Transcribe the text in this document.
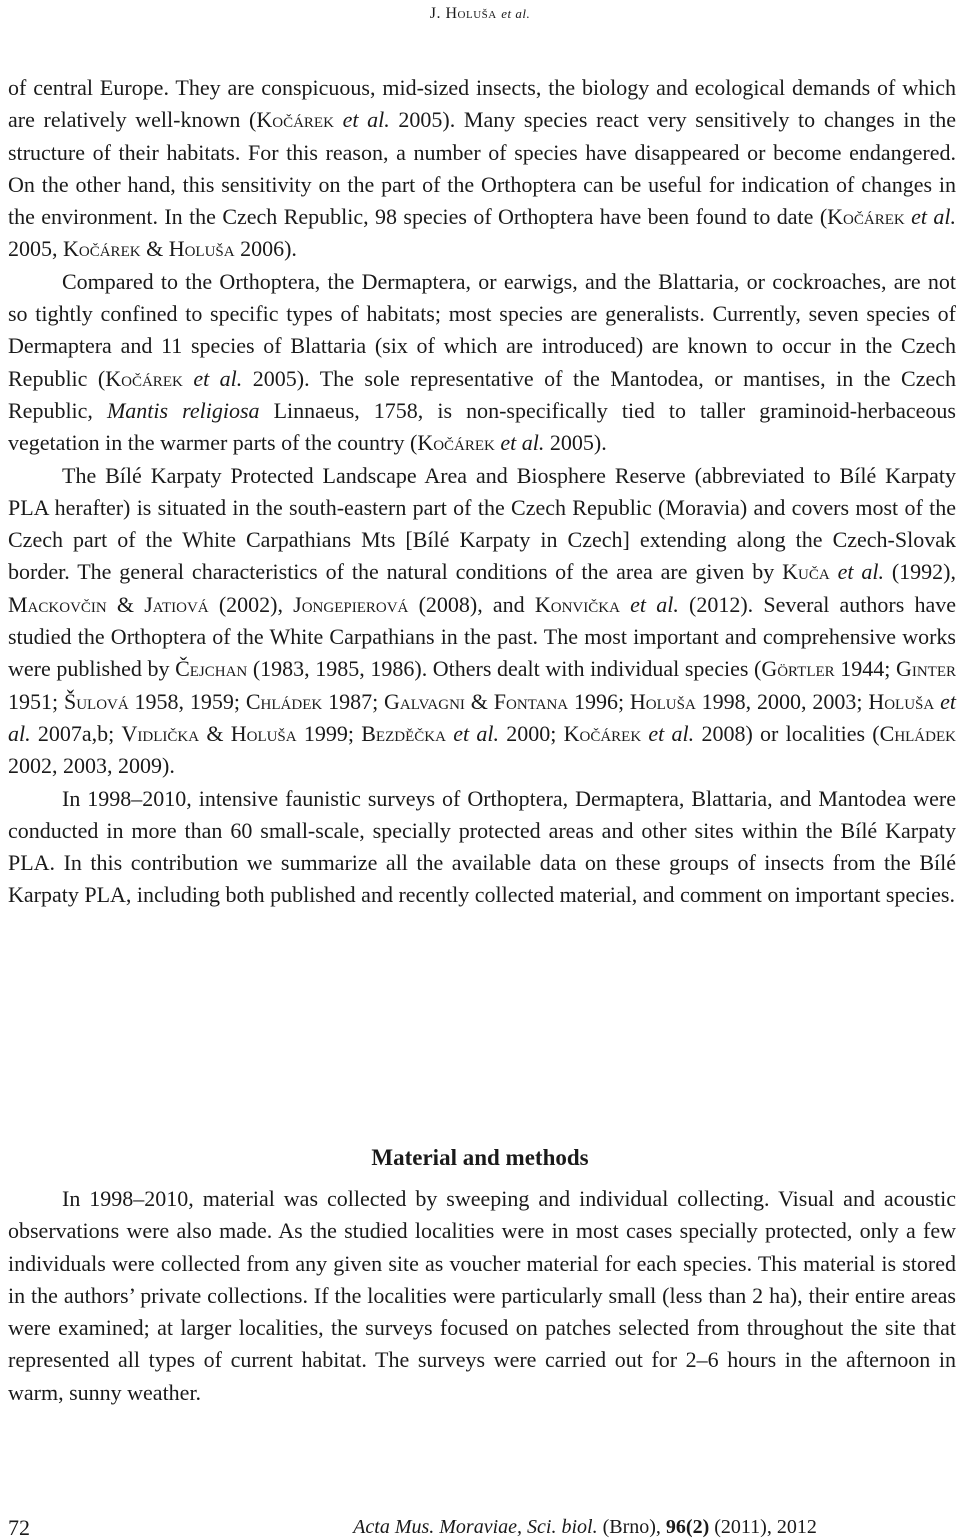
J. Holuša et al.

of central Europe. They are conspicuous, mid-sized insects, the biology and ecological demands of which are relatively well-known (Kočárek et al. 2005). Many species react very sensitively to changes in the structure of their habitats. For this reason, a number of species have disappeared or become endangered. On the other hand, this sensitivity on the part of the Orthoptera can be useful for indication of changes in the environment. In the Czech Republic, 98 species of Orthoptera have been found to date (Kočárek et al. 2005, Kočárek & Holuša 2006).

Compared to the Orthoptera, the Dermaptera, or earwigs, and the Blattaria, or cockroaches, are not so tightly confined to specific types of habitats; most species are generalists. Currently, seven species of Dermaptera and 11 species of Blattaria (six of which are introduced) are known to occur in the Czech Republic (Kočárek et al. 2005). The sole representative of the Mantodea, or mantises, in the Czech Republic, Mantis religiosa Linnaeus, 1758, is non-specifically tied to taller graminoid-herbaceous vegetation in the warmer parts of the country (Kočárek et al. 2005).

The Bílé Karpaty Protected Landscape Area and Biosphere Reserve (abbreviated to Bílé Karpaty PLA herafter) is situated in the south-eastern part of the Czech Republic (Moravia) and covers most of the Czech part of the White Carpathians Mts [Bílé Karpaty in Czech] extending along the Czech-Slovak border. The general characteristics of the natural conditions of the area are given by Kuča et al. (1992), Mackovčin & Jatiová (2002), Jongepierová (2008), and Konvička et al. (2012). Several authors have studied the Orthoptera of the White Carpathians in the past. The most important and comprehensive works were published by Čejchan (1983, 1985, 1986). Others dealt with individual species (Görtler 1944; Ginter 1951; Šulová 1958, 1959; Chládek 1987; Galvagni & Fontana 1996; Holuša 1998, 2000, 2003; Holuša et al. 2007a,b; Vidlička & Holuša 1999; Bezděčka et al. 2000; Kočárek et al. 2008) or localities (Chládek 2002, 2003, 2009).

In 1998–2010, intensive faunistic surveys of Orthoptera, Dermaptera, Blattaria, and Mantodea were conducted in more than 60 small-scale, specially protected areas and other sites within the Bílé Karpaty PLA. In this contribution we summarize all the available data on these groups of insects from the Bílé Karpaty PLA, including both published and recently collected material, and comment on important species.

Material and methods

In 1998–2010, material was collected by sweeping and individual collecting. Visual and acoustic observations were also made. As the studied localities were in most cases specially protected, only a few individuals were collected from any given site as voucher material for each species. This material is stored in the authors’ private collections. If the localities were particularly small (less than 2 ha), their entire areas were examined; at larger localities, the surveys focused on patches selected from throughout the site that represented all types of current habitat. The surveys were carried out for 2–6 hours in the afternoon in warm, sunny weather.

72	Acta Mus. Moraviae, Sci. biol. (Brno), 96(2) (2011), 2012
